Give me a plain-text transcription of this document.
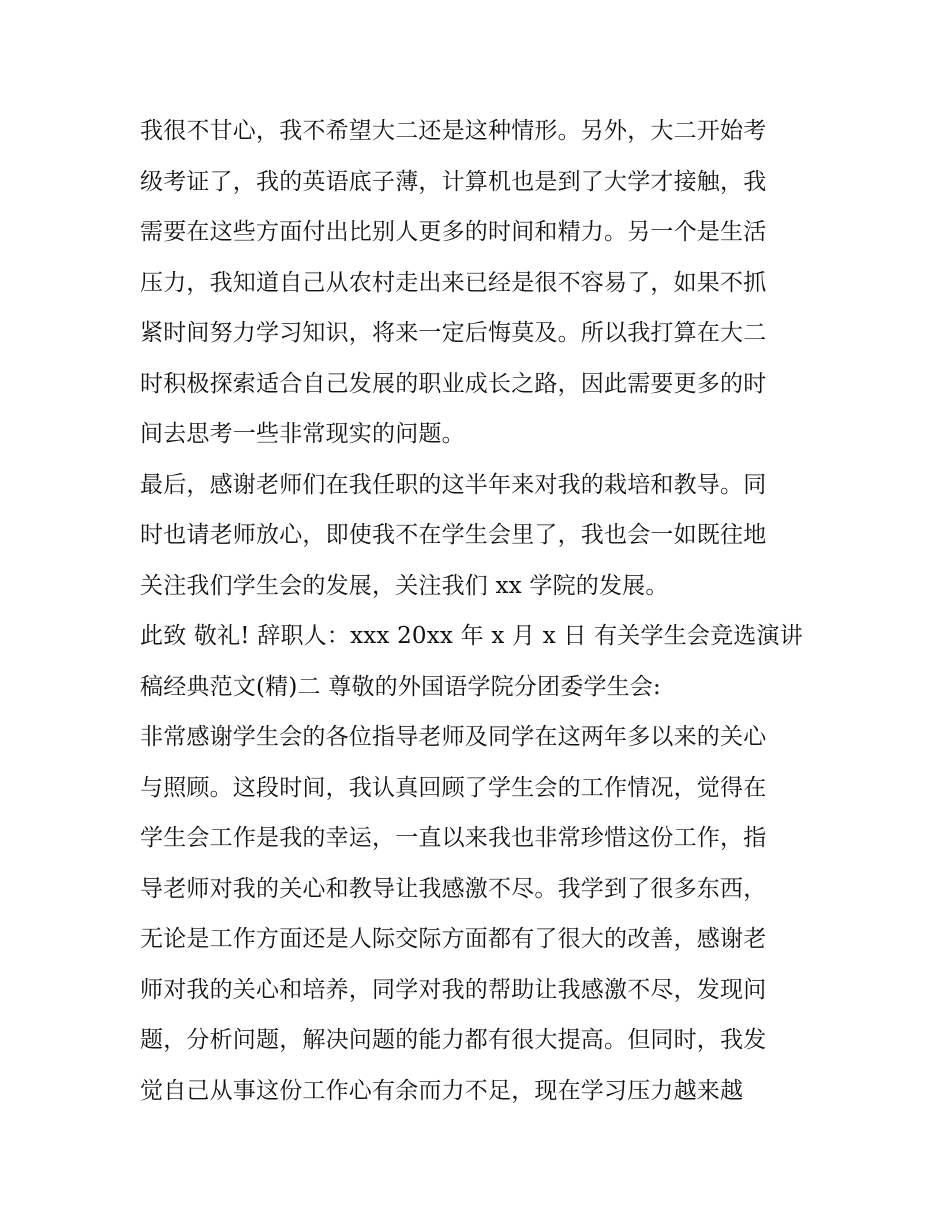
我很不甘心，我不希望大二还是这种情形。另外，大二开始考
级考证了，我的英语底子薄，计算机也是到了大学才接触，我
需要在这些方面付出比别人更多的时间和精力。另一个是生活
压力，我知道自己从农村走出来已经是很不容易了，如果不抓
紧时间努力学习知识，将来一定后悔莫及。所以我打算在大二
时积极探索适合自己发展的职业成长之路，因此需要更多的时
间去思考一些非常现实的问题。
最后，感谢老师们在我任职的这半年来对我的栽培和教导。同
时也请老师放心，即使我不在学生会里了，我也会一如既往地
关注我们学生会的发展，关注我们 xx 学院的发展。
此致 敬礼! 辞职人：xxx 20xx 年 x 月 x 日 有关学生会竞选演讲
稿经典范文(精)二 尊敬的外国语学院分团委学生会:
非常感谢学生会的各位指导老师及同学在这两年多以来的关心
与照顾。这段时间，我认真回顾了学生会的工作情况，觉得在
学生会工作是我的幸运，一直以来我也非常珍惜这份工作，指
导老师对我的关心和教导让我感激不尽。我学到了很多东西，
无论是工作方面还是人际交际方面都有了很大的改善，感谢老
师对我的关心和培养，同学对我的帮助让我感激不尽，发现问
题，分析问题，解决问题的能力都有很大提高。但同时，我发
觉自己从事这份工作心有余而力不足，现在学习压力越来越
